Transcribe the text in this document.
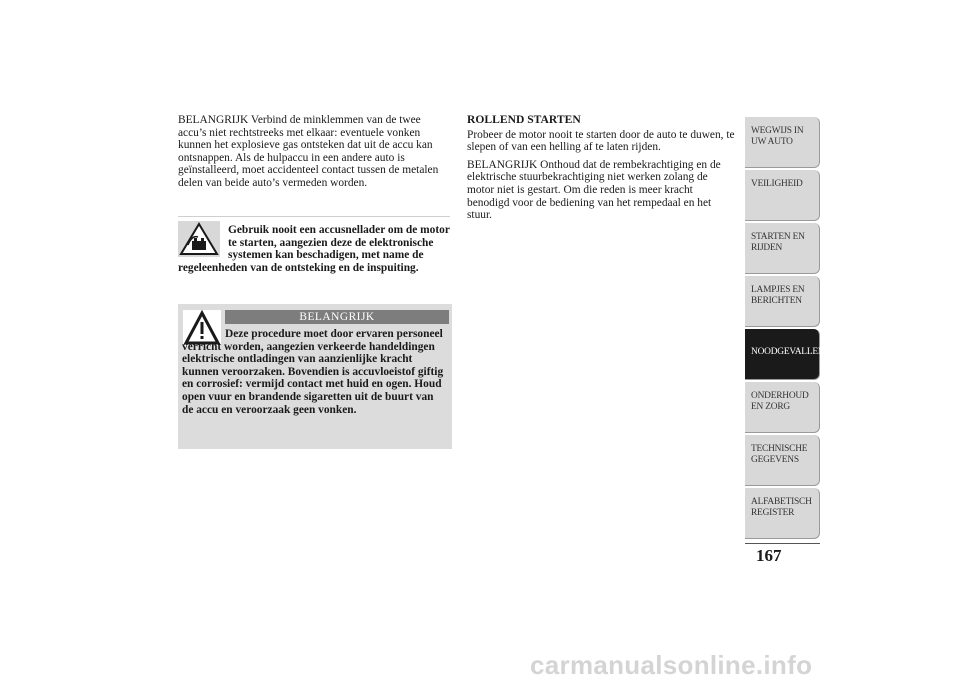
BELANGRIJK Verbind de minklemmen van de twee accu’s niet rechtstreeks met elkaar: eventuele vonken kunnen het explosieve gas ontsteken dat uit de accu kan ontsnappen. Als de hulpaccu in een andere auto is geïnstalleerd, moet accidenteel contact tussen de metalen delen van beide auto’s vermeden worden.

Gebruik nooit een accusnellader om de motor te starten, aangezien deze de elektronische systemen kan beschadigen, met name de regeleenheden van de ontsteking en de inspuiting.
BELANGRIJK
Deze procedure moet door ervaren personeel verricht worden, aangezien verkeerde handeldingen elektrische ontladingen van aanzienlijke kracht kunnen veroorzaken. Bovendien is accuvloeistof giftig en corrosief: vermijd contact met huid en ogen. Houd open vuur en brandende sigaretten uit de buurt van de accu en veroorzaak geen vonken.
ROLLEND STARTEN

Probeer de motor nooit te starten door de auto te duwen, te slepen of van een helling af te laten rijden.

BELANGRIJK Onthoud dat de rembekrachtiging en de elektrische stuurbekrachtiging niet werken zolang de motor niet is gestart. Om die reden is meer kracht benodigd voor de bediening van het rempedaal en het stuur.

WEGWIJS IN UW AUTO
VEILIGHEID
STARTEN EN RIJDEN
LAMPJES EN BERICHTEN
NOODGEVALLEN
ONDERHOUD EN ZORG
TECHNISCHE GEGEVENS
ALFABETISCH REGISTER
167
carmanualsonline.info
